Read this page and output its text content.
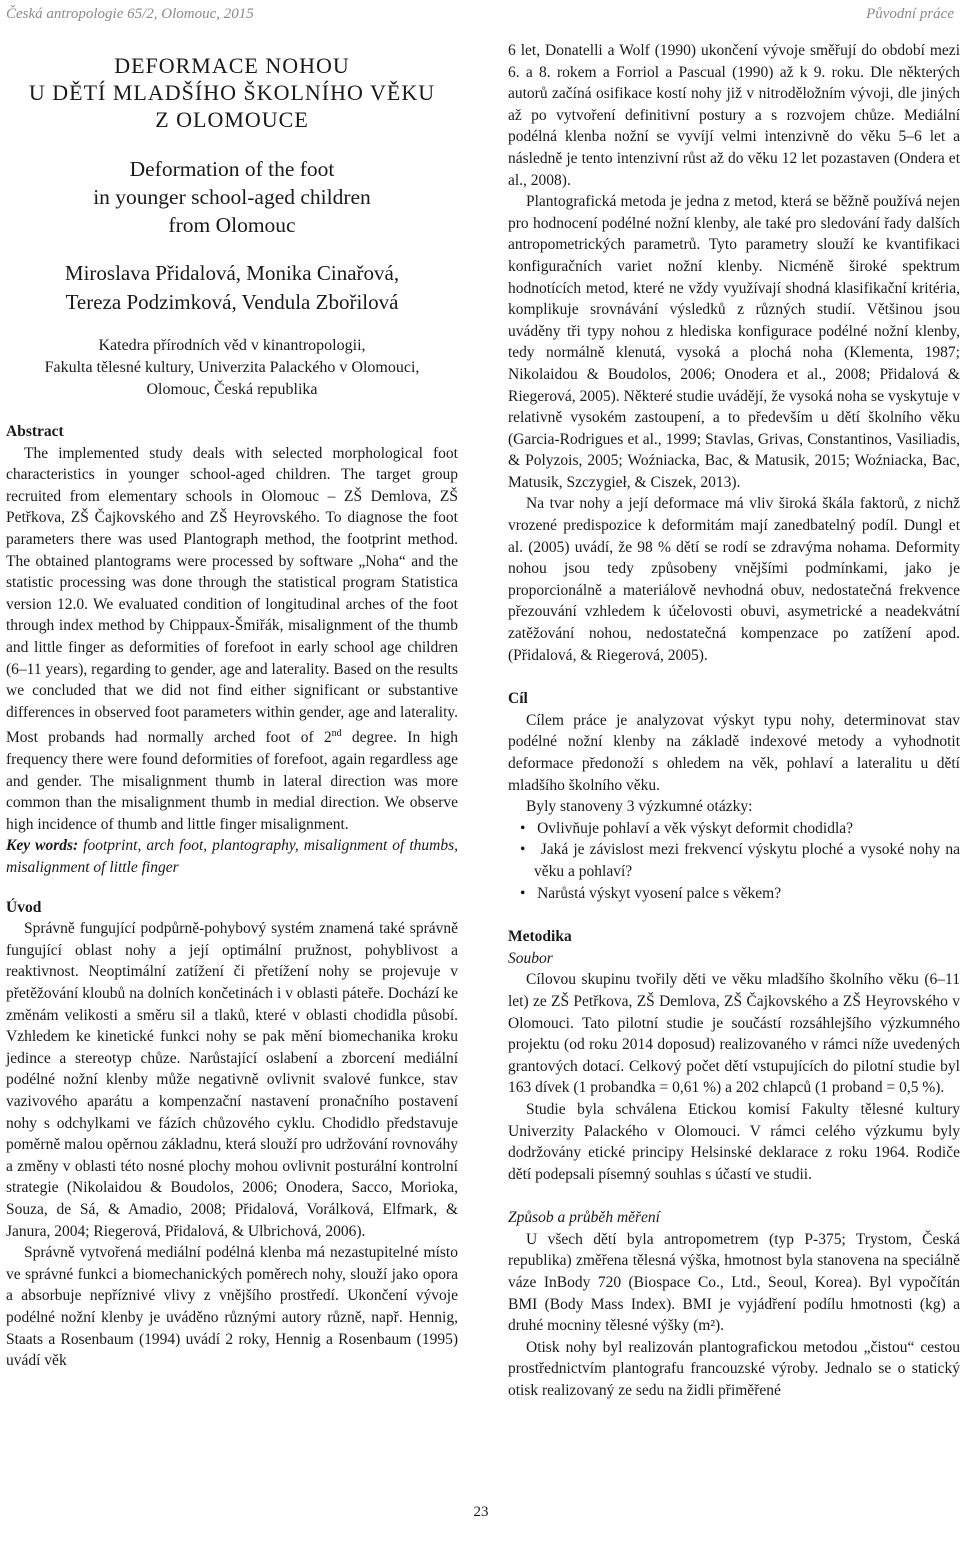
Česká antropologie 65/2, Olomouc, 2015	Původní práce
DEFORMACE NOHOU
U DĚTÍ MLADŠÍHO ŠKOLNÍHO VĚKU
Z OLOMOUCE
Deformation of the foot
in younger school-aged children
from Olomouc
Miroslava Přidalová, Monika Cinařová,
Tereza Podzimková, Vendula Zbořilová
Katedra přírodních věd v kinantropologii,
Fakulta tělesné kultury, Univerzita Palackého v Olomouci,
Olomouc, Česká republika
Abstract

The implemented study deals with selected morphological foot characteristics in younger school-aged children. The target group recruited from elementary schools in Olomouc – ZŠ Demlova, ZŠ Petřkova, ZŠ Čajkovského and ZŠ Heyrovského. To diagnose the foot parameters there was used Plantograph method, the footprint method. The obtained plantograms were processed by software „Noha“ and the statistic processing was done through the statistical program Statistica version 12.0. We evaluated condition of longitudinal arches of the foot through index method by Chippaux-Šmiřák, misalignment of the thumb and little finger as deformities of forefoot in early school age children (6–11 years), regarding to gender, age and laterality. Based on the results we concluded that we did not find either significant or substantive differences in observed foot parameters within gender, age and laterality. Most probands had normally arched foot of 2nd degree. In high frequency there were found deformities of forefoot, again regardless age and gender. The misalignment thumb in lateral direction was more common than the misalignment thumb in medial direction. We observe high incidence of thumb and little finger misalignment.

Key words: footprint, arch foot, plantography, misalignment of thumbs, misalignment of little finger

Úvod

Správně fungující podpůrně-pohybový systém znamená také správně fungující oblast nohy a její optimální pružnost, pohyblivost a reaktivnost. Neoptimální zatížení či přetížení nohy se projevuje v přetěžování kloubů na dolních končetinách i v oblasti páteře. Dochází ke změnám velikosti a směru sil a tlaků, které v oblasti chodidla působí. Vzhledem ke kinetické funkci nohy se pak mění biomechanika kroku jedince a stereotyp chůze. Narůstající oslabení a zborcení mediální podélné nožní klenby může negativně ovlivnit svalové funkce, stav vazivového aparátu a kompenzační nastavení pronačního postavení nohy s odchylkami ve fázích chůzového cyklu. Chodidlo představuje poměrně malou opěrnou základnu, která slouží pro udržování rovnováhy a změny v oblasti této nosné plochy mohou ovlivnit posturální kontrolní strategie (Nikolaidou & Boudolos, 2006; Onodera, Sacco, Morioka, Souza, de Sá, & Amadio, 2008; Přidalová, Vorálková, Elfmark, & Janura, 2004; Riegerová, Přidalová, & Ulbrichová, 2006).

Správně vytvořená mediální podélná klenba má nezastupitelné místo ve správné funkci a biomechanických poměrech nohy, slouží jako opora a absorbuje nepříznivé vlivy z vnějšího prostředí. Ukončení vývoje podélné nožní klenby je uváděno různými autory různě, např. Hennig, Staats a Rosenbaum (1994) uvádí 2 roky, Hennig a Rosenbaum (1995) uvádí věk

6 let, Donatelli a Wolf (1990) ukončení vývoje směřují do období mezi 6. a 8. rokem a Forriol a Pascual (1990) až k 9. roku. Dle některých autorů začíná osifikace kostí nohy již v nitroděložním vývoji, dle jiných až po vytvoření definitivní postury a s rozvojem chůze. Mediální podélná klenba nožní se vyvíjí velmi intenzivně do věku 5–6 let a následně je tento intenzivní růst až do věku 12 let pozastaven (Ondera et al., 2008).

Plantografická metoda je jedna z metod, která se běžně používá nejen pro hodnocení podélné nožní klenby, ale také pro sledování řady dalších antropometrických parametrů. Tyto parametry slouží ke kvantifikaci konfiguračních variet nožní klenby. Nicméně široké spektrum hodnotících metod, které ne vždy využívají shodná klasifikační kritéria, komplikuje srovnávání výsledků z různých studií. Většinou jsou uváděny tři typy nohou z hlediska konfigurace podélné nožní klenby, tedy normálně klenutá, vysoká a plochá noha (Klementa, 1987; Nikolaidou & Boudolos, 2006; Onodera et al., 2008; Přidalová & Riegerová, 2005). Některé studie uvádějí, že vysoká noha se vyskytuje v relativně vysokém zastoupení, a to především u dětí školního věku (Garcia-Rodrigues et al., 1999; Stavlas, Grivas, Constantinos, Vasiliadis, & Polyzois, 2005; Woźniacka, Bac, & Matusik, 2015; Woźniacka, Bac, Matusik, Szczygieł, & Ciszek, 2013).

Na tvar nohy a její deformace má vliv široká škála faktorů, z nichž vrozené predispozice k deformitám mají zanedbatelný podíl. Dungl et al. (2005) uvádí, že 98 % dětí se rodí se zdravýma nohama. Deformity nohou jsou tedy způsobeny vnějšími podmínkami, jako je proporcionálně a materiálově nevhodná obuv, nedostatečná frekvence přezouvání vzhledem k účelovosti obuvi, asymetrické a neadekvátní zatěžování nohou, nedostatečná kompenzace po zatížení apod. (Přidalová, & Riegerová, 2005).

Cíl

Cílem práce je analyzovat výskyt typu nohy, determinovat stav podélné nožní klenby na základě indexové metody a vyhodnotit deformace předonoží s ohledem na věk, pohlaví a lateralitu u dětí mladšího školního věku.

Byly stanoveny 3 výzkumné otázky:

•   Ovlivňuje pohlaví a věk výskyt deformit chodidla?

•   Jaká je závislost mezi frekvencí výskytu ploché a vysoké nohy na věku a pohlaví?

•   Narůstá výskyt vyosení palce s věkem?

Metodika
Soubor

Cílovou skupinu tvořily děti ve věku mladšího školního věku (6–11 let) ze ZŠ Petřkova, ZŠ Demlova, ZŠ Čajkovského a ZŠ Heyrovského v Olomouci. Tato pilotní studie je součástí rozsáhlejšího výzkumného projektu (od roku 2014 doposud) realizovaného v rámci níže uvedených grantových dotací. Celkový počet dětí vstupujících do pilotní studie byl 163 dívek (1 probandka = 0,61 %) a 202 chlapců (1 proband = 0,5 %).

Studie byla schválena Etickou komisí Fakulty tělesné kultury Univerzity Palackého v Olomouci. V rámci celého výzkumu byly dodržovány etické principy Helsinské deklarace z roku 1964. Rodiče dětí podepsali písemný souhlas s účastí ve studii.

Způsob a průběh měření

U všech dětí byla antropometrem (typ P-375; Trystom, Česká republika) změřena tělesná výška, hmotnost byla stanovena na speciálně váze InBody 720 (Biospace Co., Ltd., Seoul, Korea). Byl vypočítán BMI (Body Mass Index). BMI je vyjádření podílu hmotnosti (kg) a druhé mocniny tělesné výšky (m²).

Otisk nohy byl realizován plantografickou metodou „čistou“ cestou prostřednictvím plantografu francouzské výroby. Jednalo se o statický otisk realizovaný ze sedu na židli přiměřené

23
